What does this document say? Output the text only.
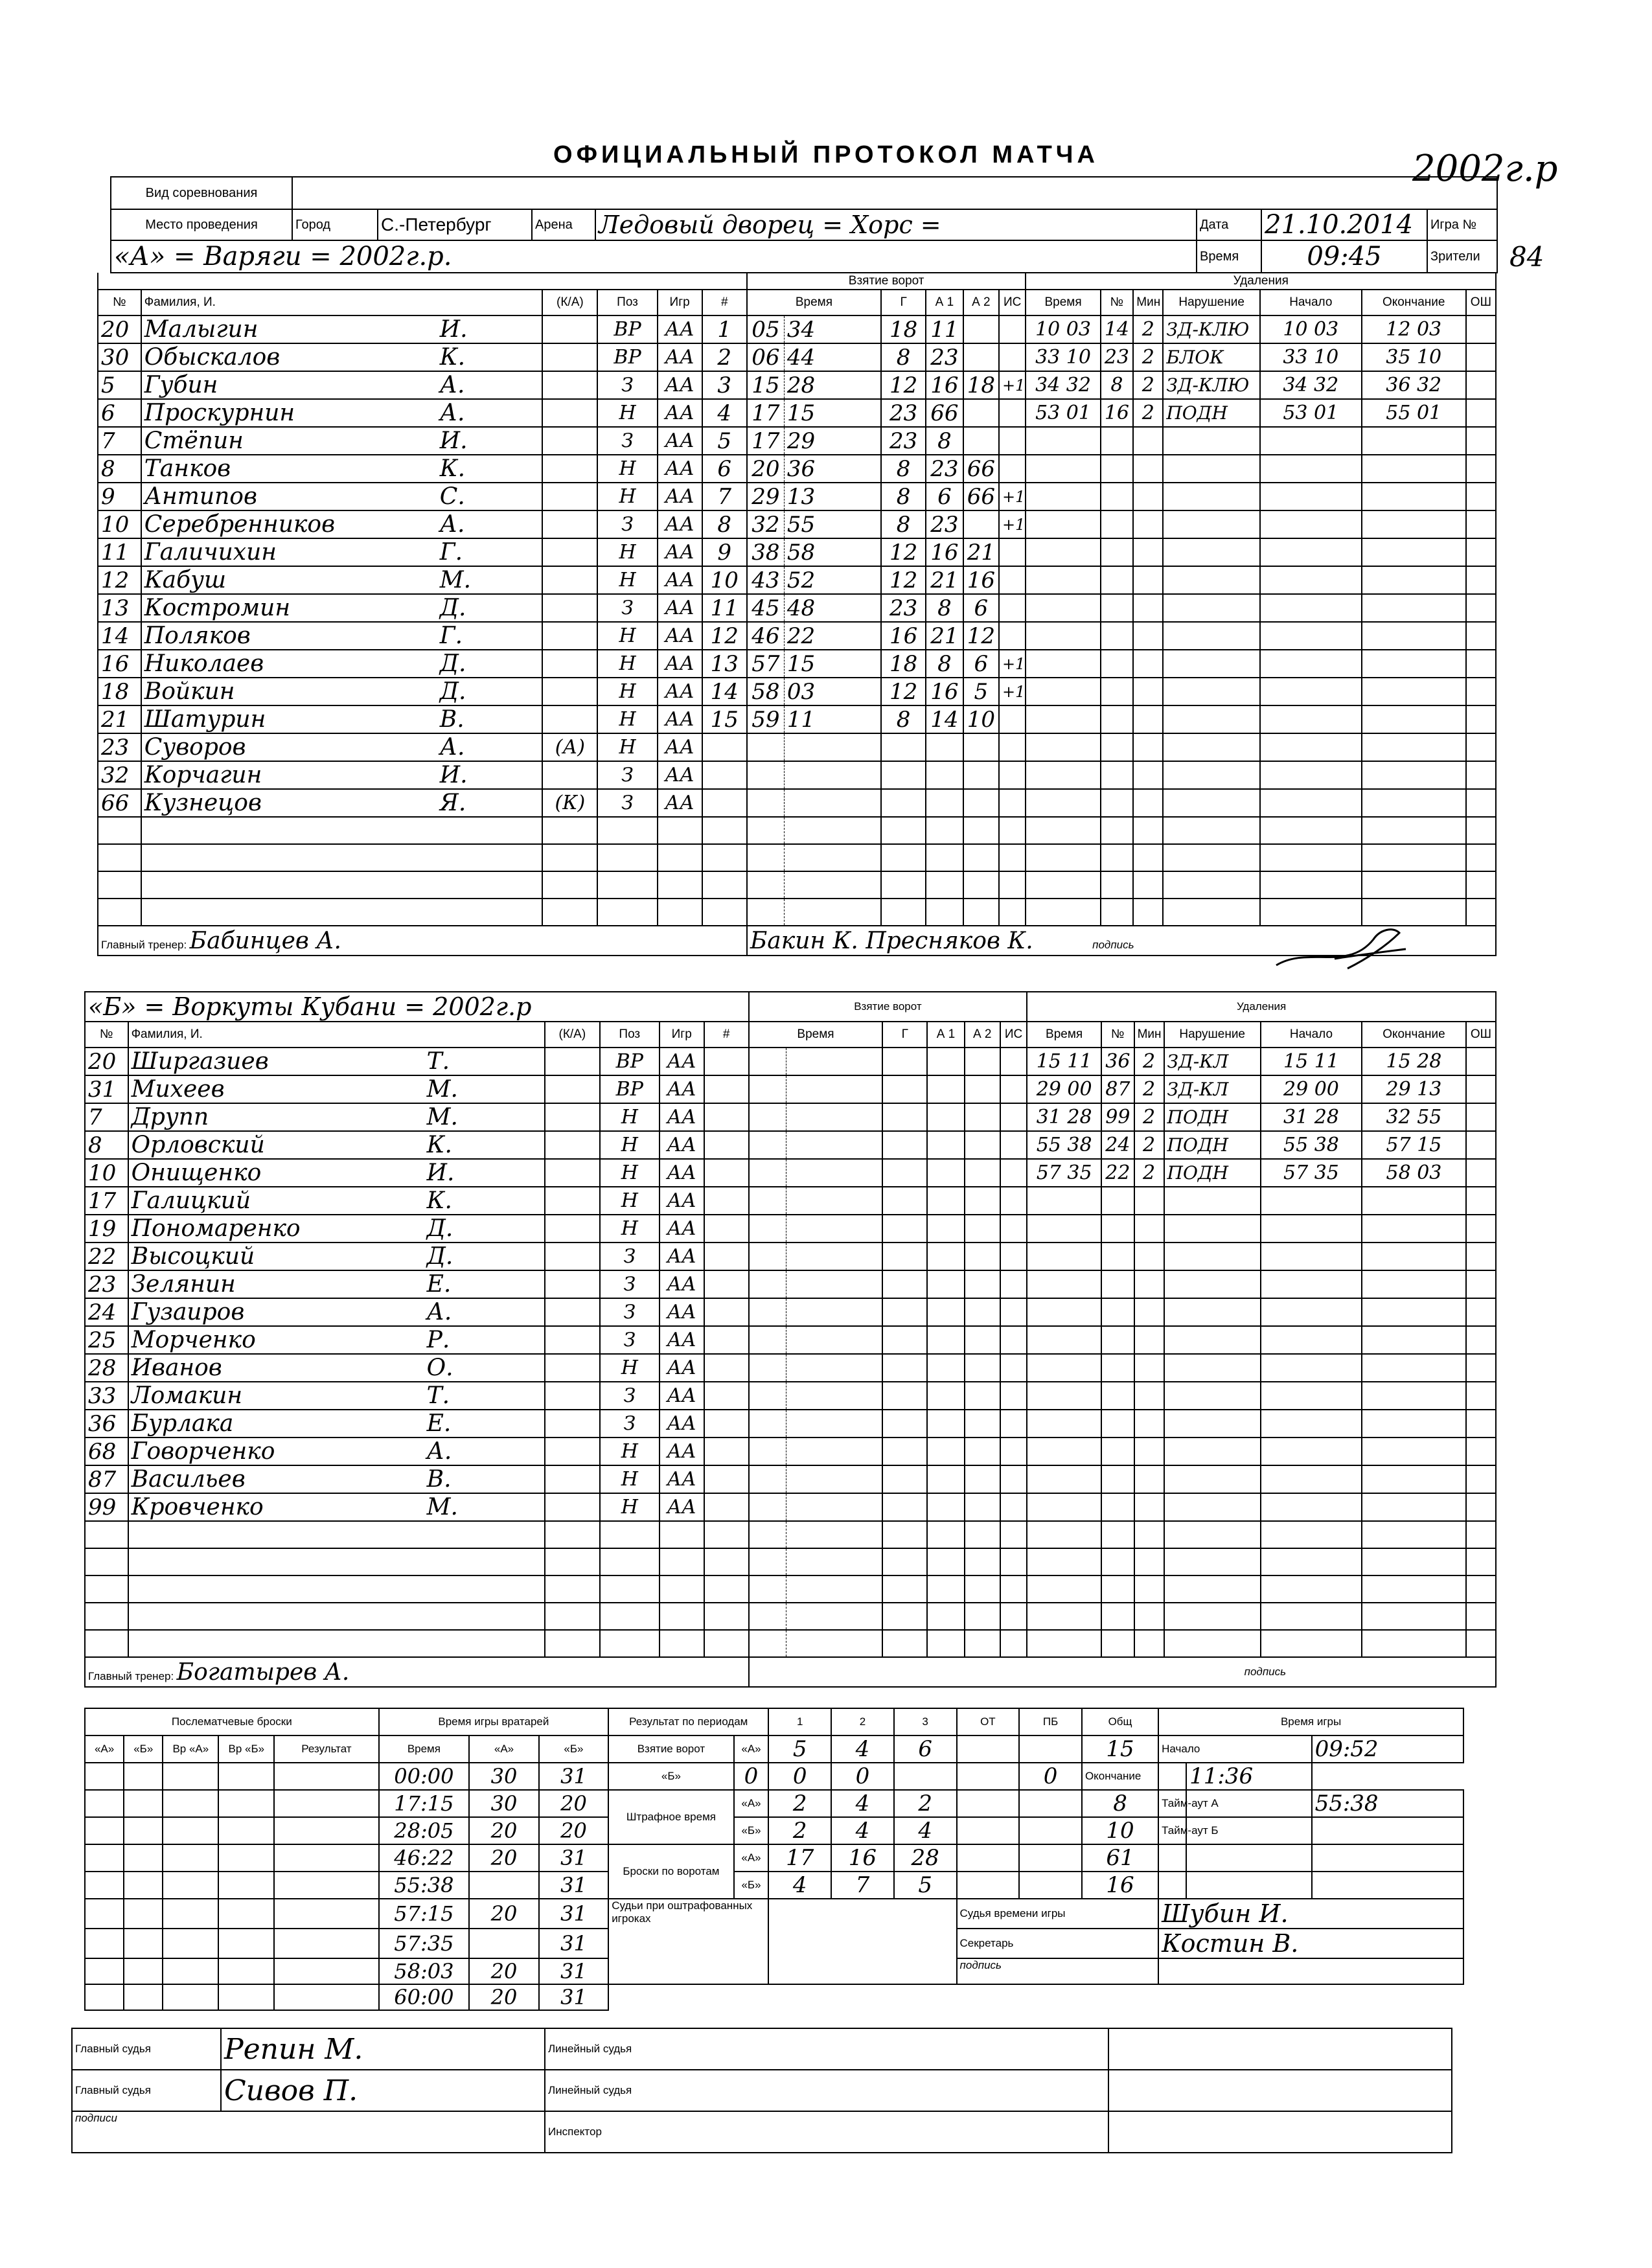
ОФИЦИАЛЬНЫЙ ПРОТОКОЛ МАТЧА	2002г.р
Вид соревнования							
Место проведения	Город	С.-Петербург	Арена	Ледовый дворец = Хорс =	Дата	21.10.2014	Игра №
«А» = Варяги = 2002г.р.					Время	09:45	Зрители 84
						Взятие ворот						Удаления						
№	Фамилия, И.	(К/А)	Поз	Игр	#	Время		Г	А 1	А 2	ИС	Время	№	Мин	Нарушение	Начало	Окончание	ОШ
20	Малыгин И.		ВР	АА	1	05	34	18	11			10 03	14	2	ЗД-КЛЮ	10 03	12 03	
30	Обыскалов К.		ВР	АА	2	06	44	8	23			33 10	23	2	БЛОК	33 10	35 10	
5	Губин А.		З	АА	3	15	28	12	16	18	+1	34 32	8	2	ЗД-КЛЮ	34 32	36 32	
6	Проскурнин А.		Н	АА	4	17	15	23	66			53 01	16	2	ПОДН	53 01	55 01	
7	Стёпин И.		З	АА	5	17	29	23	8									
8	Танков К.		Н	АА	6	20	36	8	23	66								
9	Антипов С.		Н	АА	7	29	13	8	6	66	+1							
10	Серебренников А.		З	АА	8	32	55	8	23		+1							
11	Галичихин Г.		Н	АА	9	38	58	12	16	21								
12	Кабуш М.		Н	АА	10	43	52	12	21	16								
13	Костромин Д.		З	АА	11	45	48	23	8	6								
14	Поляков Г.		Н	АА	12	46	22	16	21	12								
16	Николаев Д.		Н	АА	13	57	15	18	8	6	+1							
18	Войкин Д.		Н	АА	14	58	03	12	16	5	+1							
21	Шатурин В.		Н	АА	15	59	11	8	14	10								
23	Суворов А.	(А)	Н	АА														
32	Корчагин И.		З	АА														
66	Кузнецов Я.	(К)	З	АА														

Главный тренер: Бабинцев А.						Бакин К. Пресняков К. подпись												
«Б» = Воркуты Кубани = 2002г.р						Взятие ворот						Удаления						
№	Фамилия, И.	(К/А)	Поз	Игр	#	Время		Г	А 1	А 2	ИС	Время	№	Мин	Нарушение	Начало	Окончание	ОШ
20	Ширгазиев Т.		ВР	АА								15 11	36	2	ЗД-КЛ	15 11	15 28	
31	Михеев М.		ВР	АА								29 00	87	2	ЗД-КЛ	29 00	29 13	
7	Друпп М.		Н	АА								31 28	99	2	ПОДН	31 28	32 55	
8	Орловский К.		Н	АА								55 38	24	2	ПОДН	55 38	57 15	
10	Онищенко И.		Н	АА								57 35	22	2	ПОДН	57 35	58 03	
17	Галицкий К.		Н	АА														
19	Пономаренко Д.		Н	АА														
22	Высоцкий Д.		З	АА														
23	Зелянин Е.		З	АА														
24	Гузаиров А.		З	АА														
25	Морченко Р.		З	АА														
28	Иванов О.		Н	АА														
33	Ломакин Т.		З	АА														
36	Бурлака Е.		З	АА														
68	Говорченко А.		Н	АА														
87	Васильев В.		Н	АА														
99	Кровченко М.		Н	АА														

Главный тренер: Богатырев А.						подпись												
Послематчевые броски					Время игры вратарей			Результат по периодам		1	2	3	ОТ	ПБ	Общ	Время игры		
«А»	«Б»	Вр «А»	Вр «Б»	Результат	Время	«А»	«Б»	Взятие ворот	«А»	5	4	6			15	Начало		09:52
					00:00	30	31	«Б»	0	0	0			0	Окончание		11:36	
					17:15	30	20	Штрафное время	«А»	2	4	2			8	Тайм-аут А		55:38
					28:05	20	20		«Б»	2	4	4			10	Тайм-аут Б		
					46:22	20	31	Броски по воротам	«А»	17	16	28			61			
					55:38		31		«Б»	4	7	5			16			
					57:15	20	31	Судьи при оштрафованных игроках					Судья времени игры			Шубин И.		
					57:35		31						Секретарь			Костин В.		
					58:03	20	31						подпись					
					60:00	20	31											
Главный судья	Репин М.	Линейный судья	
Главный судья	Сивов П.	Линейный судья	
подписи		Инспектор	
